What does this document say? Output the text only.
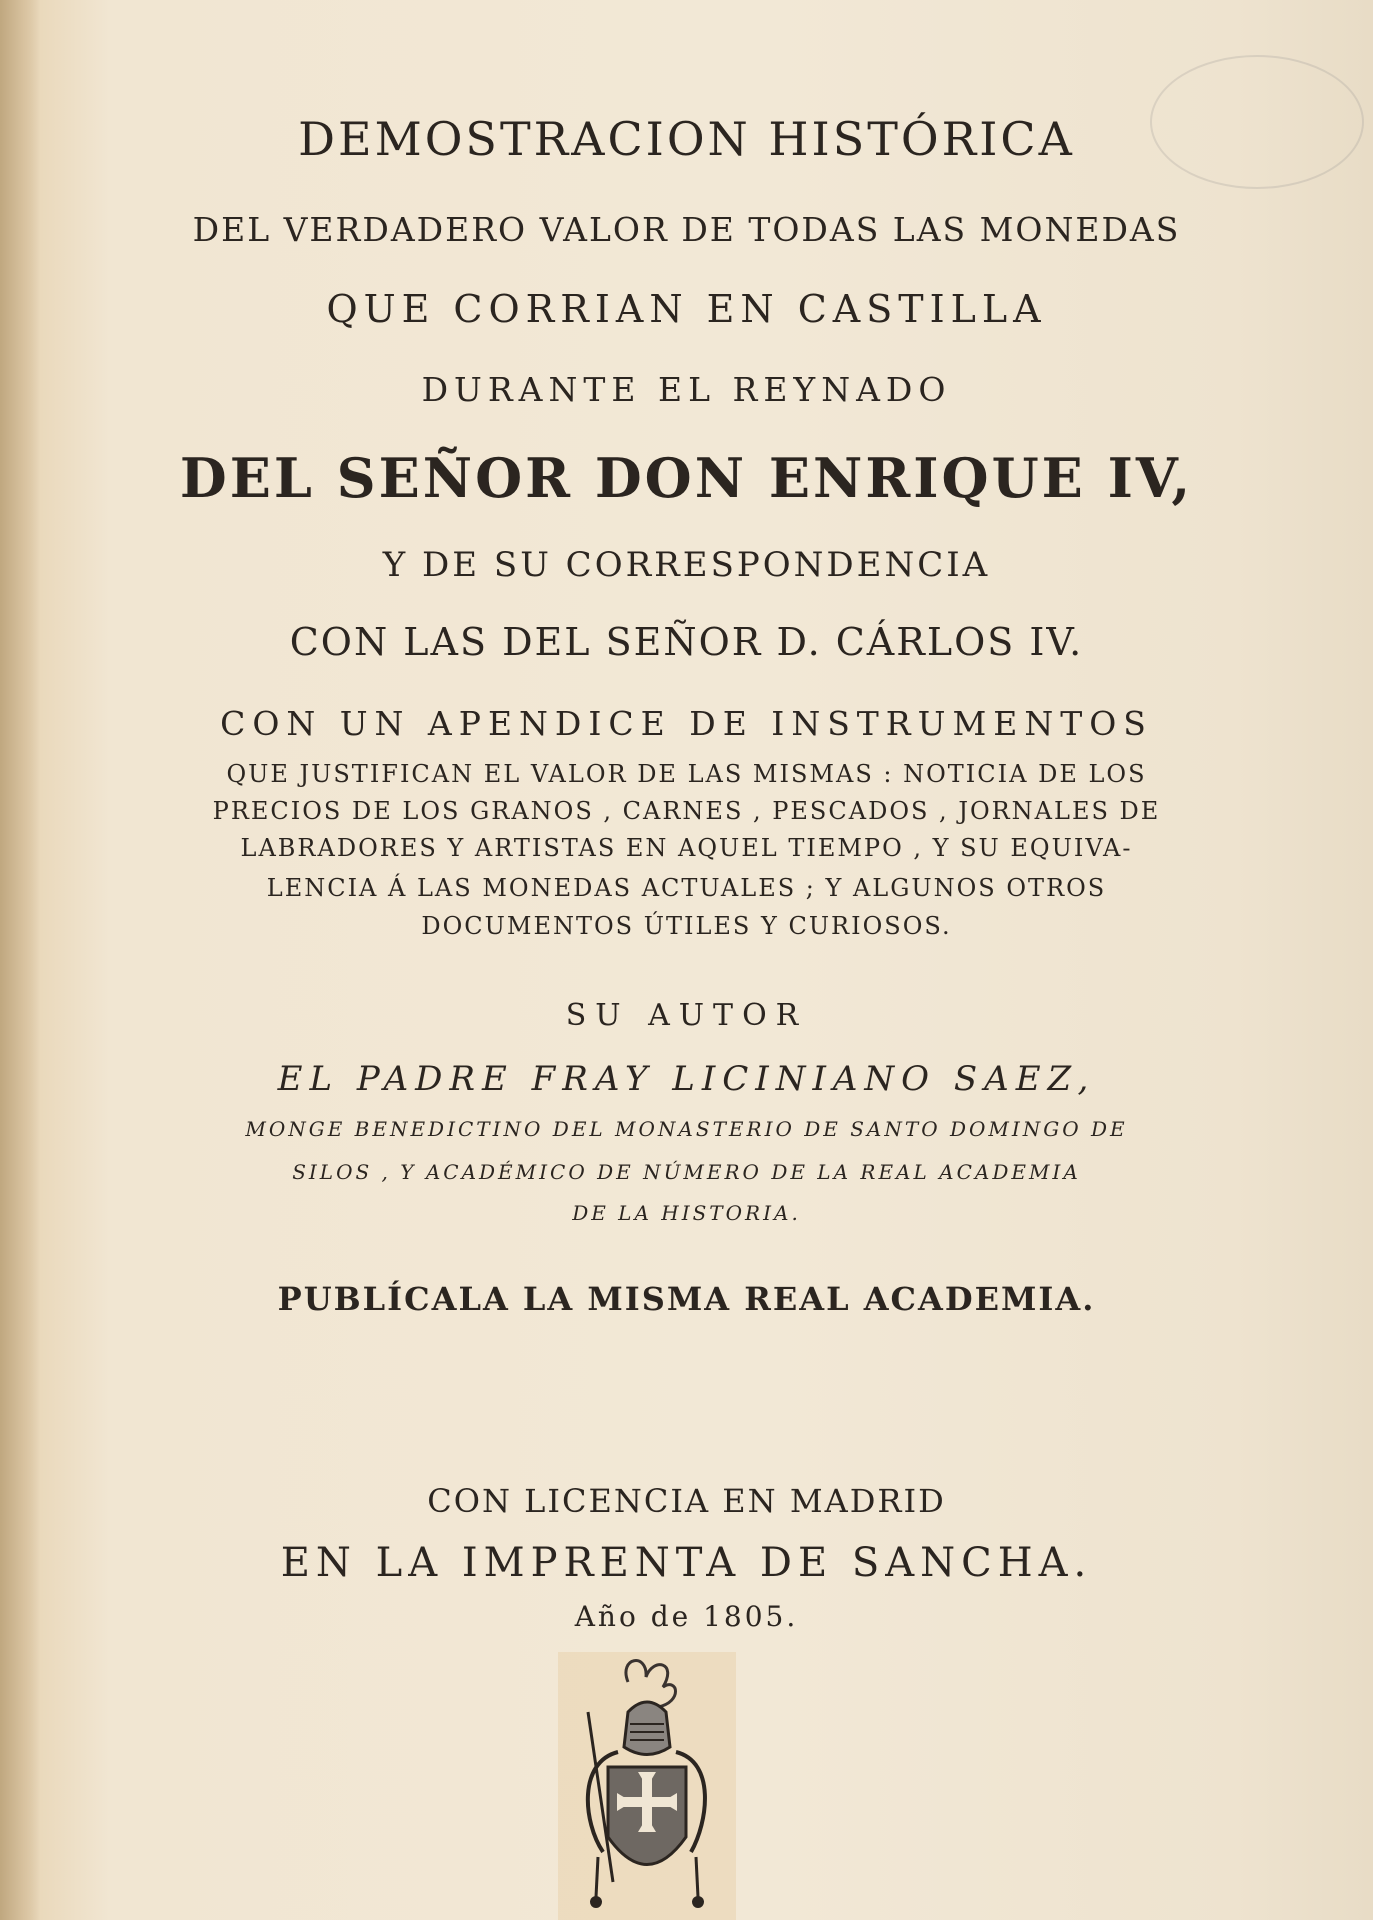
DEMOSTRACION HISTÓRICA
DEL VERDADERO VALOR DE TODAS LAS MONEDAS
QUE CORRIAN EN CASTILLA
DURANTE EL REYNADO
DEL SEÑOR DON ENRIQUE IV,
Y DE SU CORRESPONDENCIA
CON LAS DEL SEÑOR D. CÁRLOS IV.
CON UN APENDICE DE INSTRUMENTOS
QUE JUSTIFICAN EL VALOR DE LAS MISMAS : NOTICIA DE LOS
PRECIOS DE LOS GRANOS , CARNES , PESCADOS , JORNALES DE
LABRADORES Y ARTISTAS EN AQUEL TIEMPO , Y SU EQUIVA-
LENCIA Á LAS MONEDAS ACTUALES ; Y ALGUNOS OTROS
DOCUMENTOS ÚTILES Y CURIOSOS.
SU AUTOR
EL PADRE FRAY LICINIANO SAEZ,
MONGE BENEDICTINO DEL MONASTERIO DE SANTO DOMINGO DE
SILOS , Y ACADÉMICO DE NÚMERO DE LA REAL ACADEMIA
DE LA HISTORIA.
PUBLÍCALA LA MISMA REAL ACADEMIA.
CON LICENCIA EN MADRID
EN LA IMPRENTA DE SANCHA.
Año de 1805.
